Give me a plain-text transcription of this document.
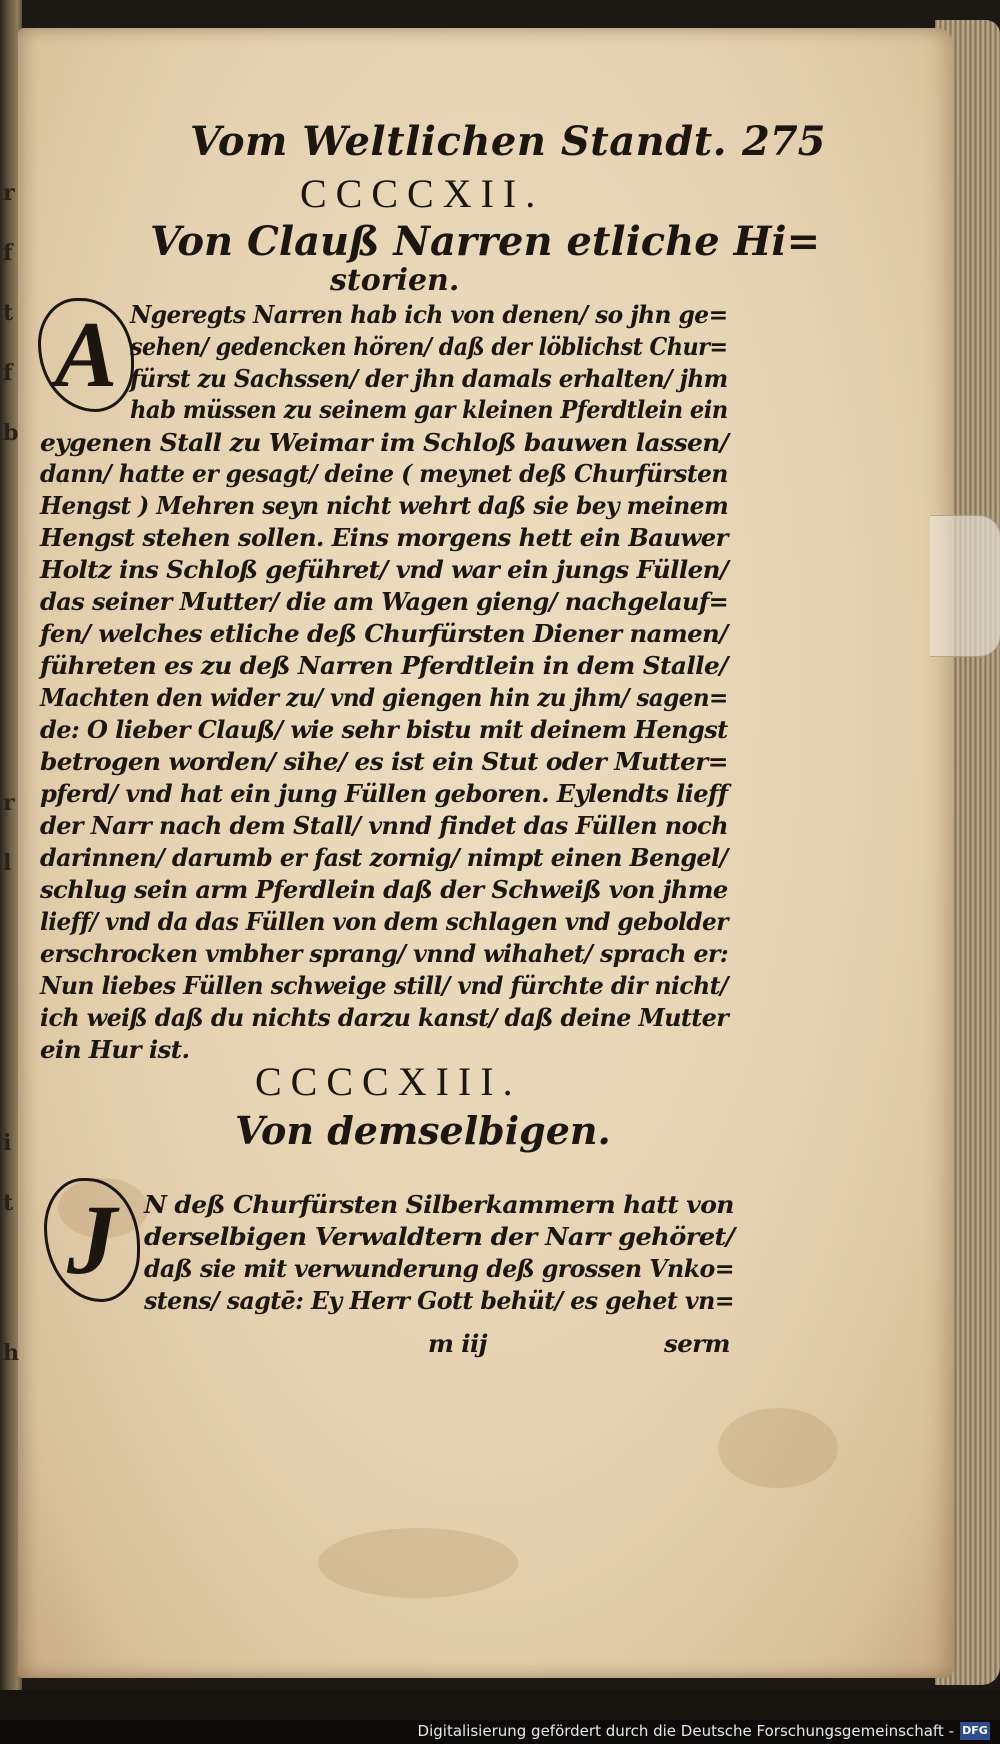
r
f
t
f
b
r
l
i
t
h
Vom Weltlichen Standt. 275
CCCCXII.
Von Clauß Narren etliche Hi=
storien.
A Ngeregts Narren hab ich von denen/ so jhn ge=
sehen/ gedencken hören/ daß der löblichst Chur=
fürst zu Sachssen/ der jhn damals erhalten/ jhm
hab müssen zu seinem gar kleinen Pferdtlein ein
eygenen Stall zu Weimar im Schloß bauwen lassen/
dann/ hatte er gesagt/ deine ( meynet deß Churfürsten
Hengst ) Mehren seyn nicht wehrt daß sie bey meinem
Hengst stehen sollen. Eins morgens hett ein Bauwer
Holtz ins Schloß geführet/ vnd war ein jungs Füllen/
das seiner Mutter/ die am Wagen gieng/ nachgelauf=
fen/ welches etliche deß Churfürsten Diener namen/
führeten es zu deß Narren Pferdtlein in dem Stalle/
Machten den wider zu/ vnd giengen hin zu jhm/ sagen=
de: O lieber Clauß/ wie sehr bistu mit deinem Hengst
betrogen worden/ sihe/ es ist ein Stut oder Mutter=
pferd/ vnd hat ein jung Füllen geboren. Eylendts lieff
der Narr nach dem Stall/ vnnd findet das Füllen noch
darinnen/ darumb er fast zornig/ nimpt einen Bengel/
schlug sein arm Pferdlein daß der Schweiß von jhme
lieff/ vnd da das Füllen von dem schlagen vnd gebolder
erschrocken vmbher sprang/ vnnd wihahet/ sprach er:
Nun liebes Füllen schweige still/ vnd fürchte dir nicht/
ich weiß daß du nichts darzu kanst/ daß deine Mutter
ein Hur ist.
CCCCXIII.
Von demselbigen.
J	N deß Churfürsten Silberkammern hatt von
derselbigen Verwaldtern der Narr gehöret/
daß sie mit verwunderung deß grossen Vnko=
stens/ sagtē: Ey Herr Gott behüt/ es gehet vn=
m iij	serm
Digitalisierung gefördert durch die Deutsche Forschungsgemeinschaft - DFG
